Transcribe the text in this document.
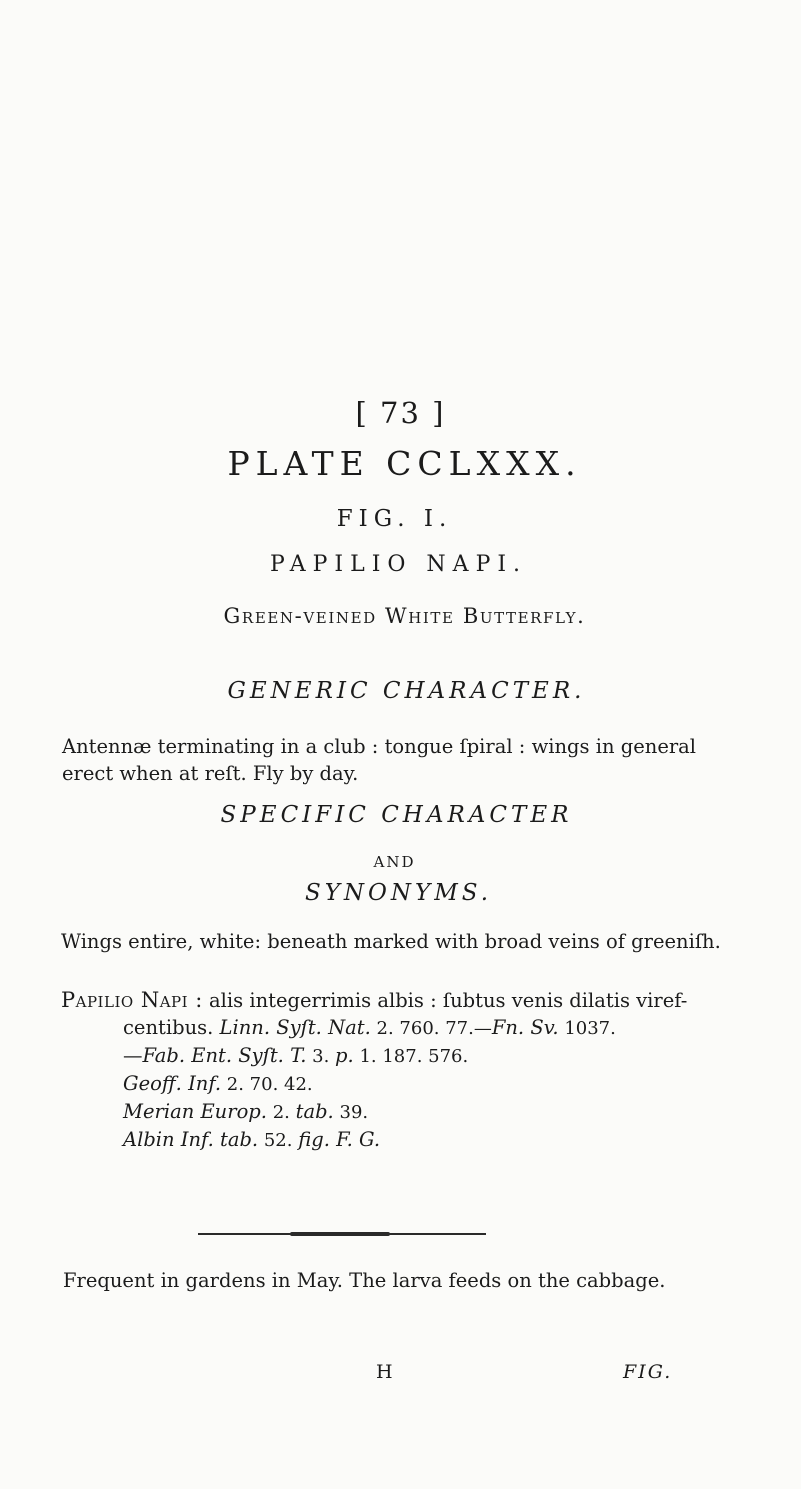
[ 73 ]
PLATE CCLXXX.
FIG. I.
PAPILIO NAPI.
Green-veined White Butterfly.
GENERIC CHARACTER.
Antennæ terminating in a club : tongue ſpiral : wings in general
erect when at reſt. Fly by day.
SPECIFIC CHARACTER
AND
SYNONYMS.
Wings entire, white: beneath marked with broad veins of greeniſh.
Papilio Napi : alis integerrimis albis : ſubtus venis dilatis viref-
centibus. Linn. Syſt. Nat. 2. 760. 77.—Fn. Sv. 1037.
—Fab. Ent. Syſt. T. 3. p. 1. 187. 576.
Geoff. Inf. 2. 70. 42.
Merian Europ. 2. tab. 39.
Albin Inf. tab. 52. fig. F. G.
Frequent in gardens in May. The larva feeds on the cabbage.
H	FIG.
